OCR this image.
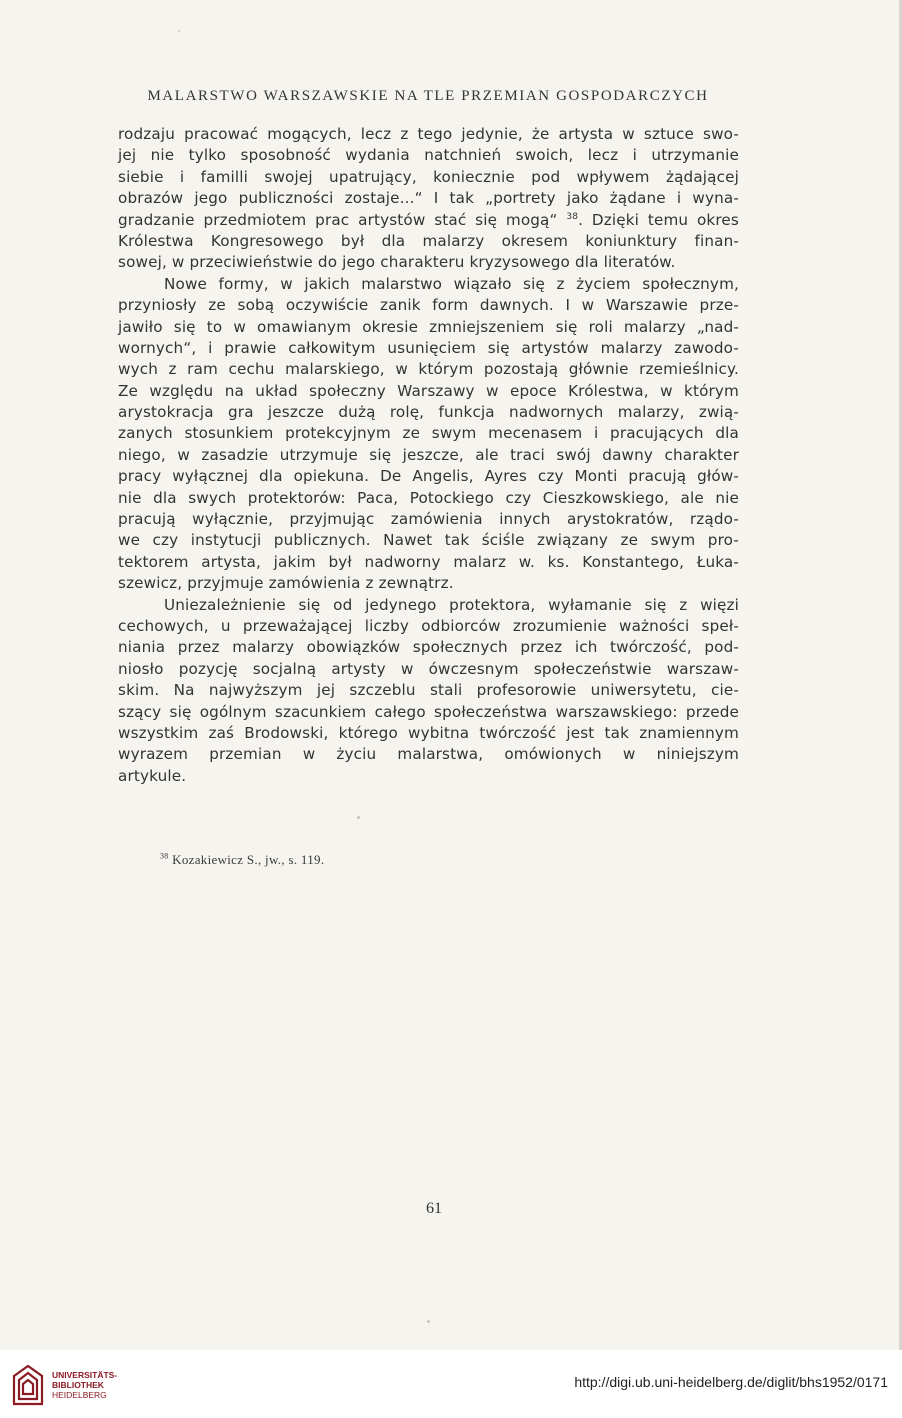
MALARSTWO WARSZAWSKIE NA TLE PRZEMIAN GOSPODARCZYCH
rodzaju pracować mogących, lecz z tego jedynie, że artysta w sztuce swo-
jej nie tylko sposobność wydania natchnień swoich, lecz i utrzymanie
siebie i familli swojej upatrujący, koniecznie pod wpływem żądającej
obrazów jego publiczności zostaje...“ I tak „portrety jako żądane i wyna-
gradzanie przedmiotem prac artystów stać się mogą“ $^{38}$. Dzięki temu okres
Królestwa Kongresowego był dla malarzy okresem koniunktury finan-
sowej, w przeciwieństwie do jego charakteru kryzysowego dla literatów.
Nowe formy, w jakich malarstwo wiązało się z życiem społecznym,
przyniosły ze sobą oczywiście zanik form dawnych. I w Warszawie prze-
jawiło się to w omawianym okresie zmniejszeniem się roli malarzy „nad-
wornych“, i prawie całkowitym usunięciem się artystów malarzy zawodo-
wych z ram cechu malarskiego, w którym pozostają głównie rzemieślnicy.
Ze względu na układ społeczny Warszawy w epoce Królestwa, w którym
arystokracja gra jeszcze dużą rolę, funkcja nadwornych malarzy, zwią-
zanych stosunkiem protekcyjnym ze swym mecenasem i pracujących dla
niego, w zasadzie utrzymuje się jeszcze, ale traci swój dawny charakter
pracy wyłącznej dla opiekuna. De Angelis, Ayres czy Monti pracują głów-
nie dla swych protektorów: Paca, Potockiego czy Cieszkowskiego, ale nie
pracują wyłącznie, przyjmując zamówienia innych arystokratów, rządo-
we czy instytucji publicznych. Nawet tak ściśle związany ze swym pro-
tektorem artysta, jakim był nadworny malarz w. ks. Konstantego, Łuka-
szewicz, przyjmuje zamówienia z zewnątrz.
Uniezależnienie się od jedynego protektora, wyłamanie się z więzi
cechowych, u przeważającej liczby odbiorców zrozumienie ważności speł-
niania przez malarzy obowiązków społecznych przez ich twórczość, pod-
niosło pozycję socjalną artysty w ówczesnym społeczeństwie warszaw-
skim. Na najwyższym jej szczeblu stali profesorowie uniwersytetu, cie-
szący się ogólnym szacunkiem całego społeczeństwa warszawskiego: przede
wszystkim zaś Brodowski, którego wybitna twórczość jest tak znamiennym
wyrazem przemian w życiu malarstwa, omówionych w niniejszym
artykule.
$^{38}$ Kozakiewicz S., jw., s. 119.
61
UNIVERSITÄTS-
BIBLIOTHEK
HEIDELBERG
http://digi.ub.uni-heidelberg.de/diglit/bhs1952/0171
